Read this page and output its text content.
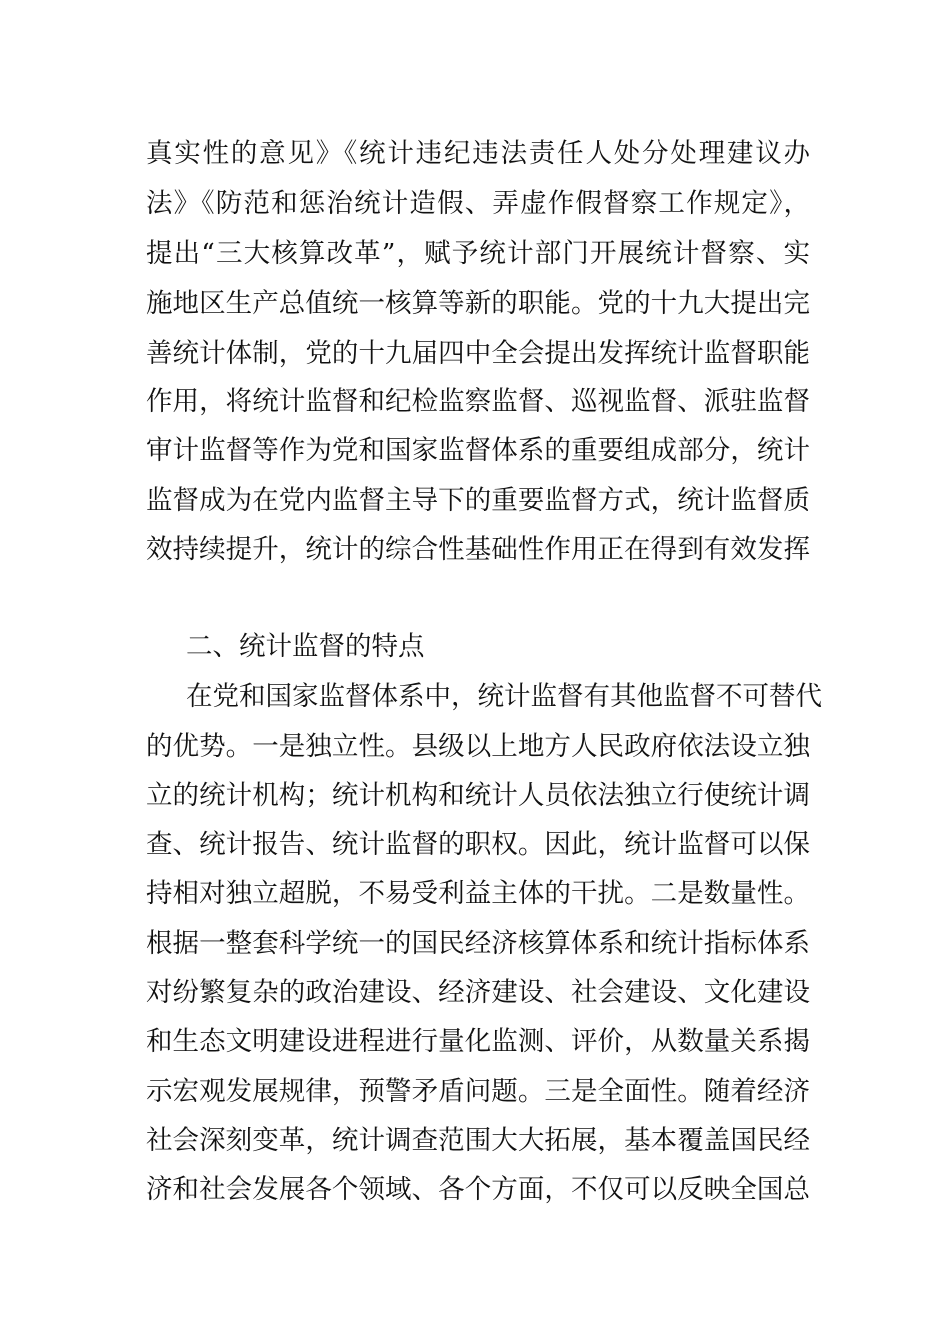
真实性的意见》《统计违纪违法责任人处分处理建议办
法》《防范和惩治统计造假、弄虚作假督察工作规定》，
提出“三大核算改革”，赋予统计部门开展统计督察、实
施地区生产总值统一核算等新的职能。党的十九大提出完
善统计体制，党的十九届四中全会提出发挥统计监督职能
作用，将统计监督和纪检监察监督、巡视监督、派驻监督
审计监督等作为党和国家监督体系的重要组成部分，统计
监督成为在党内监督主导下的重要监督方式，统计监督质
效持续提升，统计的综合性基础性作用正在得到有效发挥
二、统计监督的特点
在党和国家监督体系中，统计监督有其他监督不可替代
的优势。一是独立性。县级以上地方人民政府依法设立独
立的统计机构；统计机构和统计人员依法独立行使统计调
查、统计报告、统计监督的职权。因此，统计监督可以保
持相对独立超脱，不易受利益主体的干扰。二是数量性。
根据一整套科学统一的国民经济核算体系和统计指标体系
对纷繁复杂的政治建设、经济建设、社会建设、文化建设
和生态文明建设进程进行量化监测、评价，从数量关系揭
示宏观发展规律，预警矛盾问题。三是全面性。随着经济
社会深刻变革，统计调查范围大大拓展，基本覆盖国民经
济和社会发展各个领域、各个方面，不仅可以反映全国总
